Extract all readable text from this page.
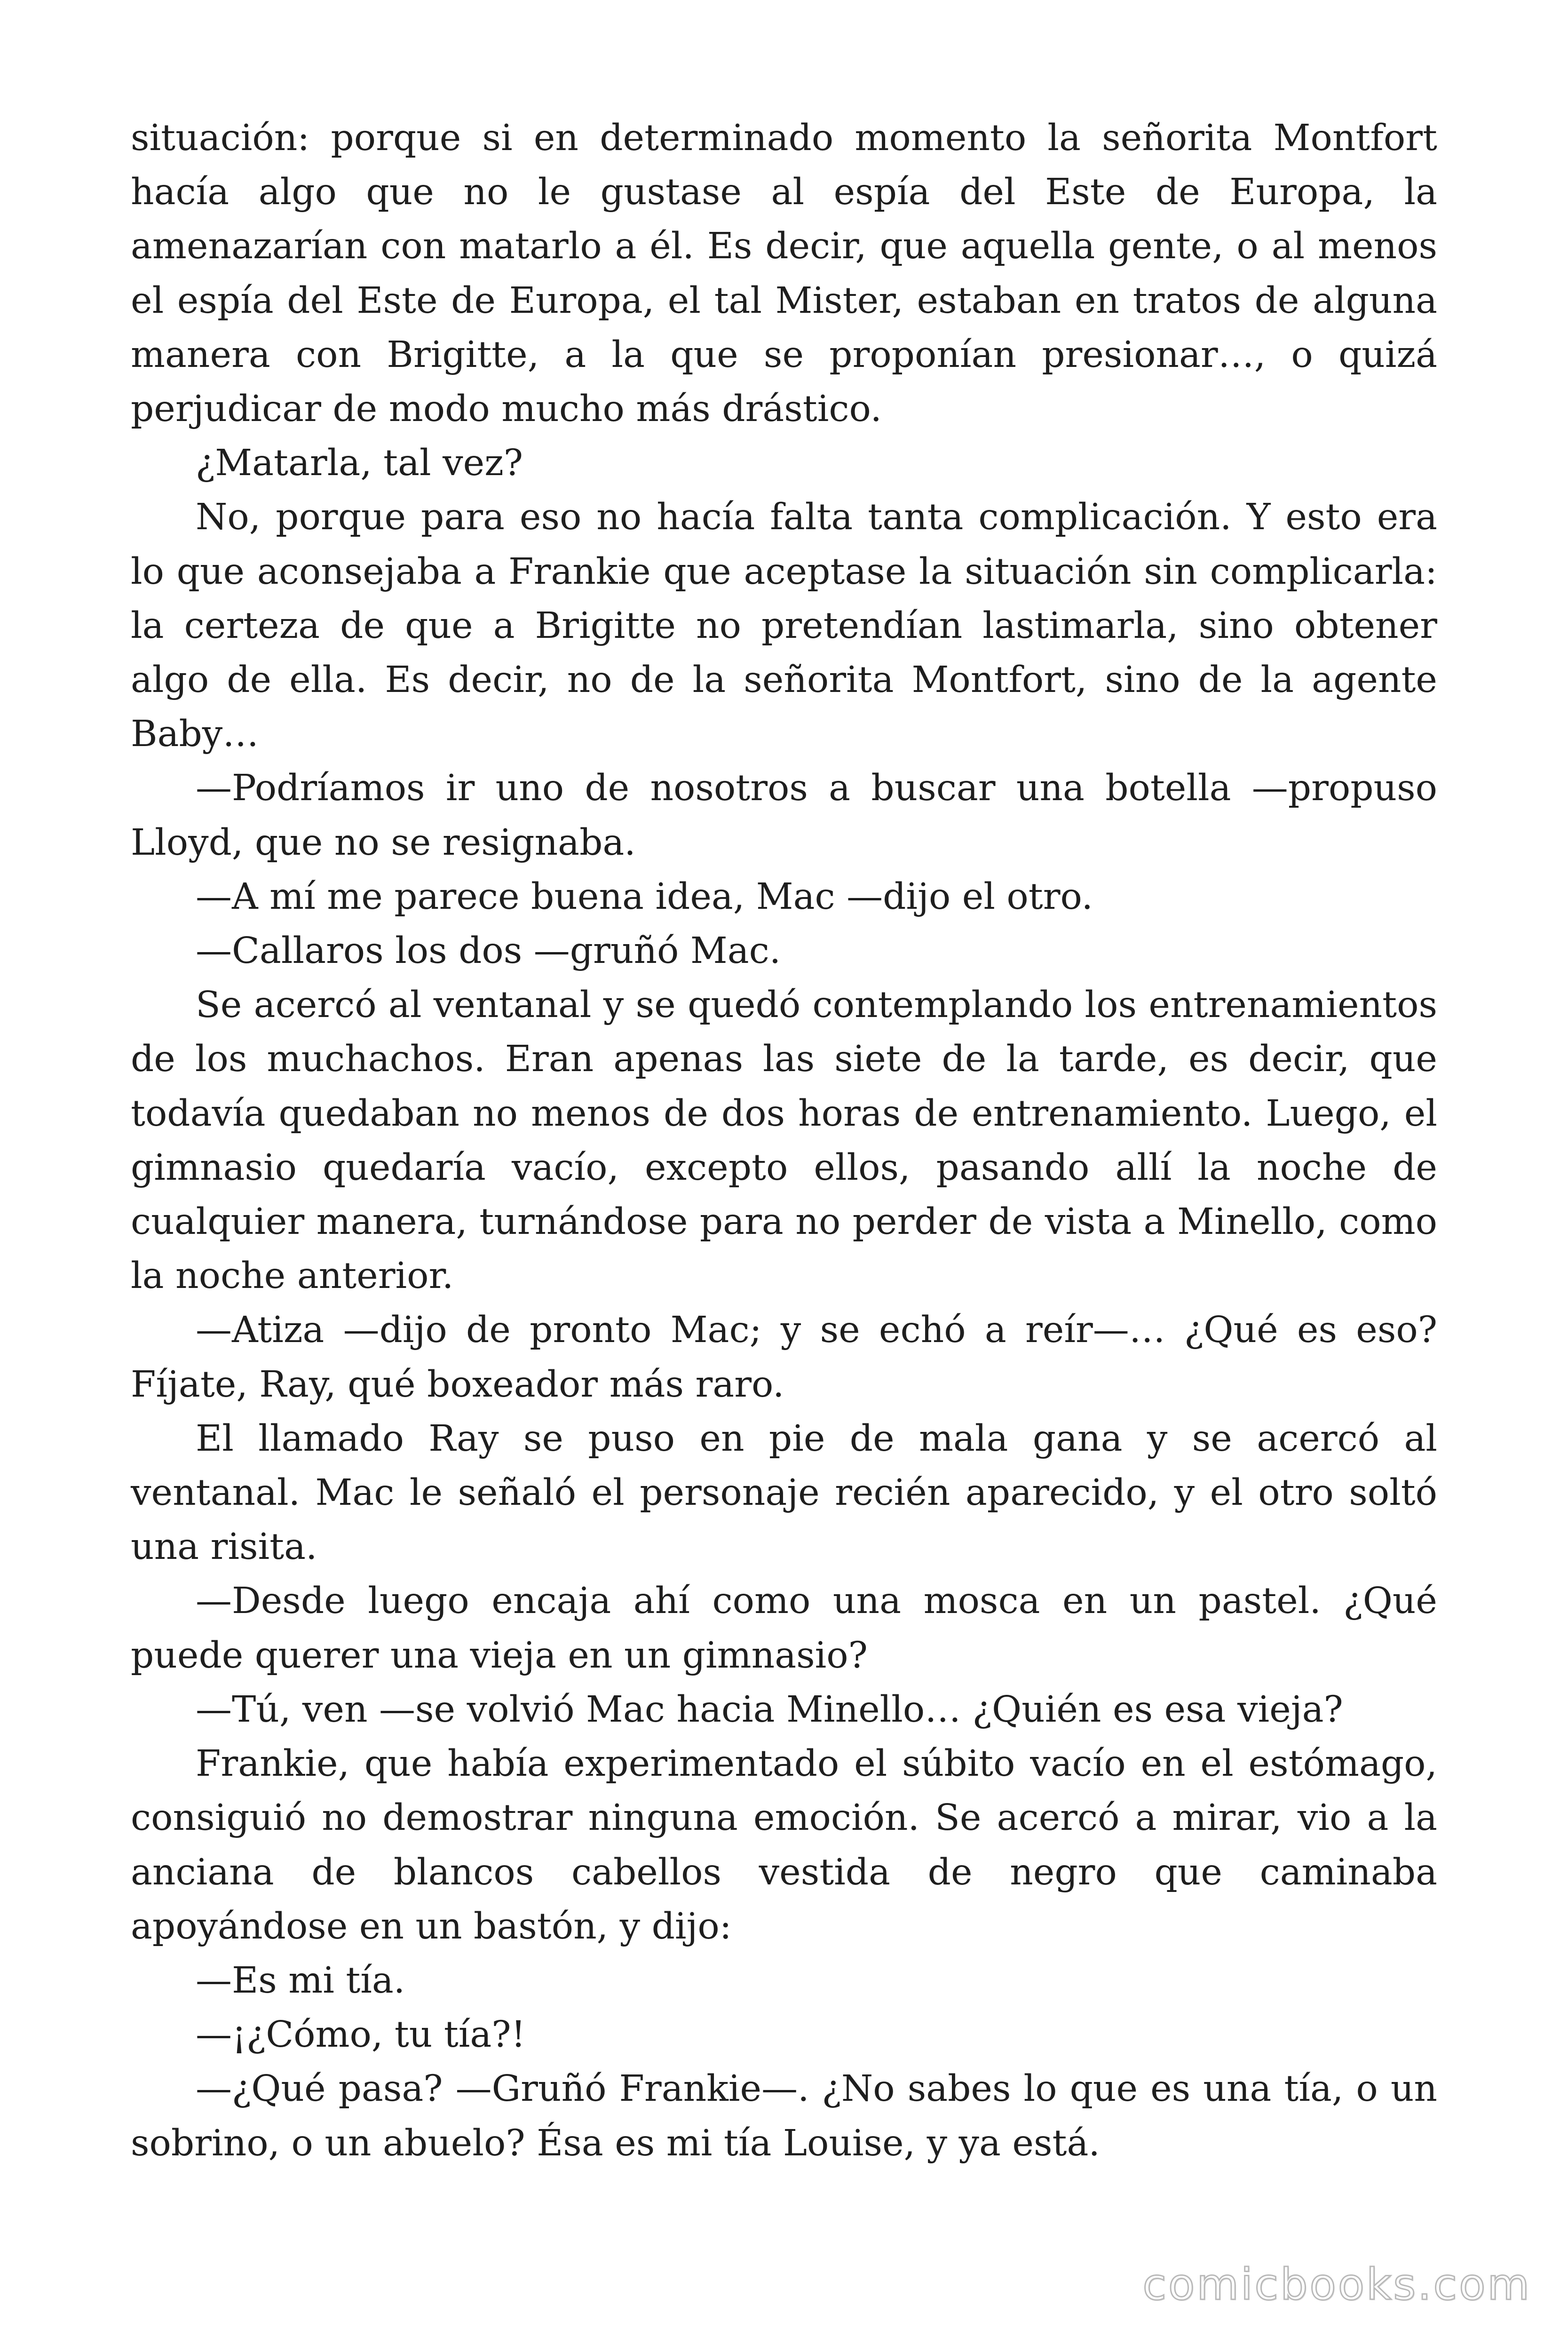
situación: porque si en determinado momento la señorita Montfort hacía algo que no le gustase al espía del Este de Europa, la amenazarían con matarlo a él. Es decir, que aquella gente, o al menos el espía del Este de Europa, el tal Mister, estaban en tratos de alguna manera con Brigitte, a la que se proponían presionar…, o quizá perjudicar de modo mucho más drástico.

¿Matarla, tal vez?

No, porque para eso no hacía falta tanta complicación. Y esto era lo que aconsejaba a Frankie que aceptase la situación sin complicarla: la certeza de que a Brigitte no pretendían lastimarla, sino obtener algo de ella. Es decir, no de la señorita Montfort, sino de la agente Baby…

—Podríamos ir uno de nosotros a buscar una botella —propuso Lloyd, que no se resignaba.

—A mí me parece buena idea, Mac —dijo el otro.

—Callaros los dos —gruñó Mac.

Se acercó al ventanal y se quedó contemplando los entrenamientos de los muchachos. Eran apenas las siete de la tarde, es decir, que todavía quedaban no menos de dos horas de entrenamiento. Luego, el gimnasio quedaría vacío, excepto ellos, pasando allí la noche de cualquier manera, turnándose para no perder de vista a Minello, como la noche anterior.

—Atiza —dijo de pronto Mac; y se echó a reír—… ¿Qué es eso? Fíjate, Ray, qué boxeador más raro.

El llamado Ray se puso en pie de mala gana y se acercó al ventanal. Mac le señaló el personaje recién aparecido, y el otro soltó una risita.

—Desde luego encaja ahí como una mosca en un pastel. ¿Qué puede querer una vieja en un gimnasio?

—Tú, ven —se volvió Mac hacia Minello… ¿Quién es esa vieja?

Frankie, que había experimentado el súbito vacío en el estómago, consiguió no demostrar ninguna emoción. Se acercó a mirar, vio a la anciana de blancos cabellos vestida de negro que caminaba apoyándose en un bastón, y dijo:

—Es mi tía.

—¡¿Cómo, tu tía?!

—¿Qué pasa? —Gruñó Frankie—. ¿No sabes lo que es una tía, o un sobrino, o un abuelo? Ésa es mi tía Louise, y ya está.

comicbooks.com
